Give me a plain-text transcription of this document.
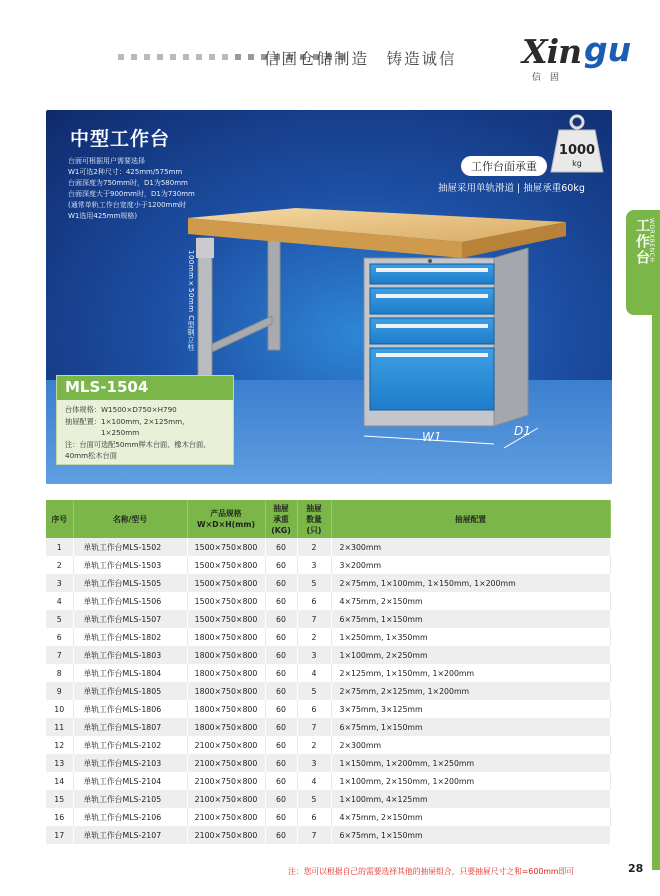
信固仓储制造　铸造诚信 Xin gu
信固
工作台
WORKBENCH
中型工作台
台面可根据用户需要选择
W1可选2种尺寸：425mm/575mm
台面深度为750mm时，D1为580mm
台面深度大于900mm时，D1为730mm
(通常单轨工作台宽度小于1200mm时
W1选用425mm规格)
1000
kg
工作台面承重
抽屉采用单轨滑道 | 抽屉承重60kg
100mm×50mm C型钢立柱
W1	D1
MLS-1504
台体规格：W1500×D750×H790
抽屉配置：1×100mm, 2×125mm,
　　　　　1×250mm
注：台面可选配50mm榉木台面、橡木台面、
40mm松木台面
序号	名称/型号	产品规格
W×D×H(mm)	抽屉
承重
(KG)	抽屉
数量
(只)	抽屉配置
1	单轨工作台MLS-1502	1500×750×800	60	2	2×300mm
2	单轨工作台MLS-1503	1500×750×800	60	3	3×200mm
3	单轨工作台MLS-1505	1500×750×800	60	5	2×75mm, 1×100mm, 1×150mm, 1×200mm
4	单轨工作台MLS-1506	1500×750×800	60	6	4×75mm, 2×150mm
5	单轨工作台MLS-1507	1500×750×800	60	7	6×75mm, 1×150mm
6	单轨工作台MLS-1802	1800×750×800	60	2	1×250mm, 1×350mm
7	单轨工作台MLS-1803	1800×750×800	60	3	1×100mm, 2×250mm
8	单轨工作台MLS-1804	1800×750×800	60	4	2×125mm, 1×150mm, 1×200mm
9	单轨工作台MLS-1805	1800×750×800	60	5	2×75mm, 2×125mm, 1×200mm
10	单轨工作台MLS-1806	1800×750×800	60	6	3×75mm, 3×125mm
11	单轨工作台MLS-1807	1800×750×800	60	7	6×75mm, 1×150mm
12	单轨工作台MLS-2102	2100×750×800	60	2	2×300mm
13	单轨工作台MLS-2103	2100×750×800	60	3	1×150mm, 1×200mm, 1×250mm
14	单轨工作台MLS-2104	2100×750×800	60	4	1×100mm, 2×150mm, 1×200mm
15	单轨工作台MLS-2105	2100×750×800	60	5	1×100mm, 4×125mm
16	单轨工作台MLS-2106	2100×750×800	60	6	4×75mm, 2×150mm
17	单轨工作台MLS-2107	2100×750×800	60	7	6×75mm, 1×150mm
注：您可以根据自己的需要选择其他的抽屉组合，只要抽屉尺寸之和=600mm即可	28
